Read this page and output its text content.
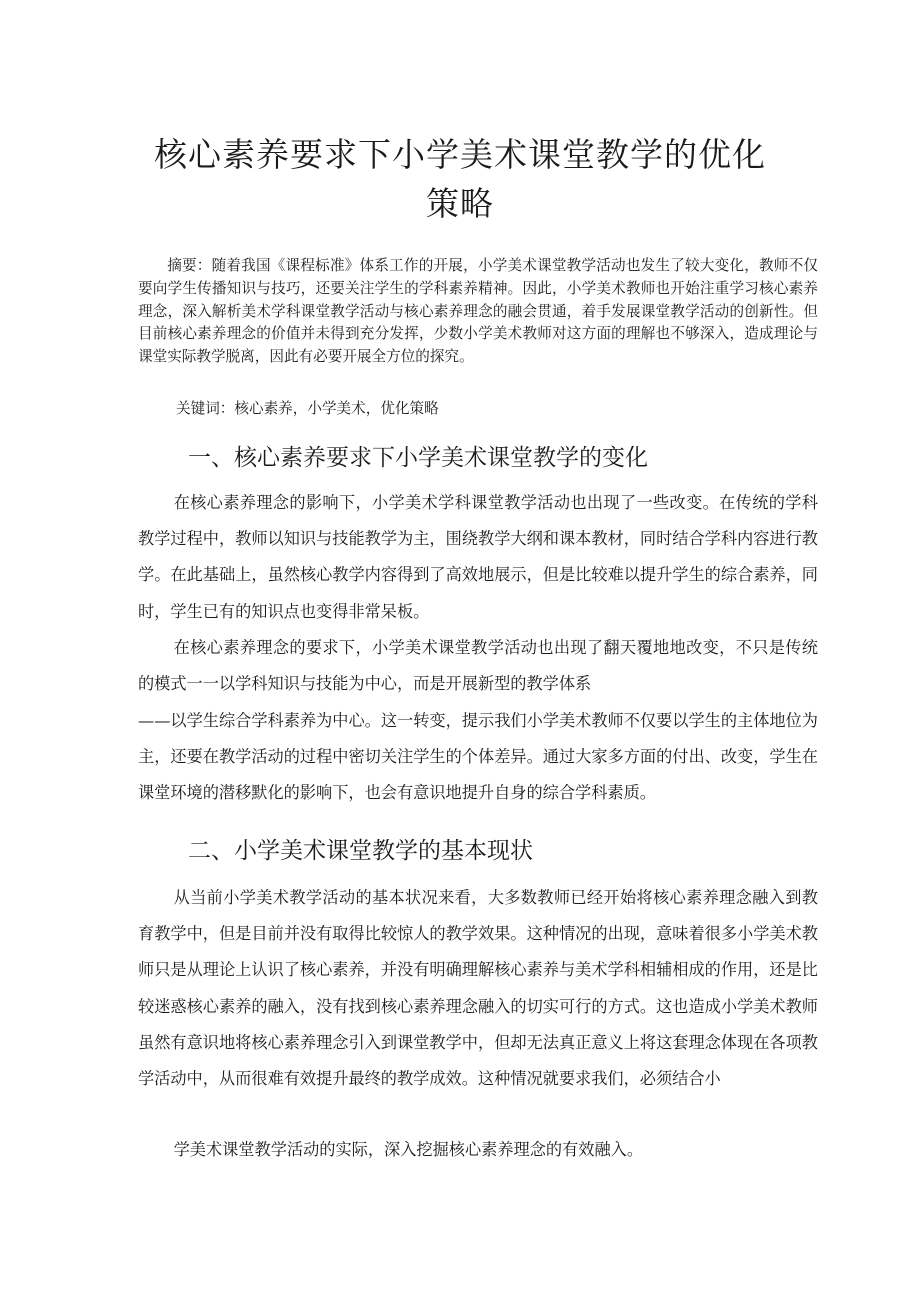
核心素养要求下小学美术课堂教学的优化
策略

摘要：随着我国《课程标准》体系工作的开展，小学美术课堂教学活动也发生了较大变化，教师不仅要向学生传播知识与技巧，还要关注学生的学科素养精神。因此，小学美术教师也开始注重学习核心素养理念，深入解析美术学科课堂教学活动与核心素养理念的融会贯通，着手发展课堂教学活动的创新性。但目前核心素养理念的价值并未得到充分发挥，少数小学美术教师对这方面的理解也不够深入，造成理论与课堂实际教学脱离，因此有必要开展全方位的探究。

关键词：核心素养，小学美术，优化策略

一、核心素养要求下小学美术课堂教学的变化

在核心素养理念的影响下，小学美术学科课堂教学活动也出现了一些改变。在传统的学科教学过程中，教师以知识与技能教学为主，围绕教学大纲和课本教材，同时结合学科内容进行教学。在此基础上，虽然核心教学内容得到了高效地展示，但是比较难以提升学生的综合素养，同时，学生已有的知识点也变得非常呆板。

在核心素养理念的要求下，小学美术课堂教学活动也出现了翻天覆地地改变，不只是传统的模式一一以学科知识与技能为中心，而是开展新型的教学体系

——以学生综合学科素养为中心。这一转变，提示我们小学美术教师不仅要以学生的主体地位为主，还要在教学活动的过程中密切关注学生的个体差异。通过大家多方面的付出、改变，学生在课堂环境的潜移默化的影响下，也会有意识地提升自身的综合学科素质。

二、小学美术课堂教学的基本现状

从当前小学美术教学活动的基本状况来看，大多数教师已经开始将核心素养理念融入到教育教学中，但是目前并没有取得比较惊人的教学效果。这种情况的出现，意味着很多小学美术教师只是从理论上认识了核心素养，并没有明确理解核心素养与美术学科相辅相成的作用，还是比较迷惑核心素养的融入，没有找到核心素养理念融入的切实可行的方式。这也造成小学美术教师虽然有意识地将核心素养理念引入到课堂教学中，但却无法真正意义上将这套理念体现在各项教学活动中，从而很难有效提升最终的教学成效。这种情况就要求我们，必须结合小

学美术课堂教学活动的实际，深入挖掘核心素养理念的有效融入。
